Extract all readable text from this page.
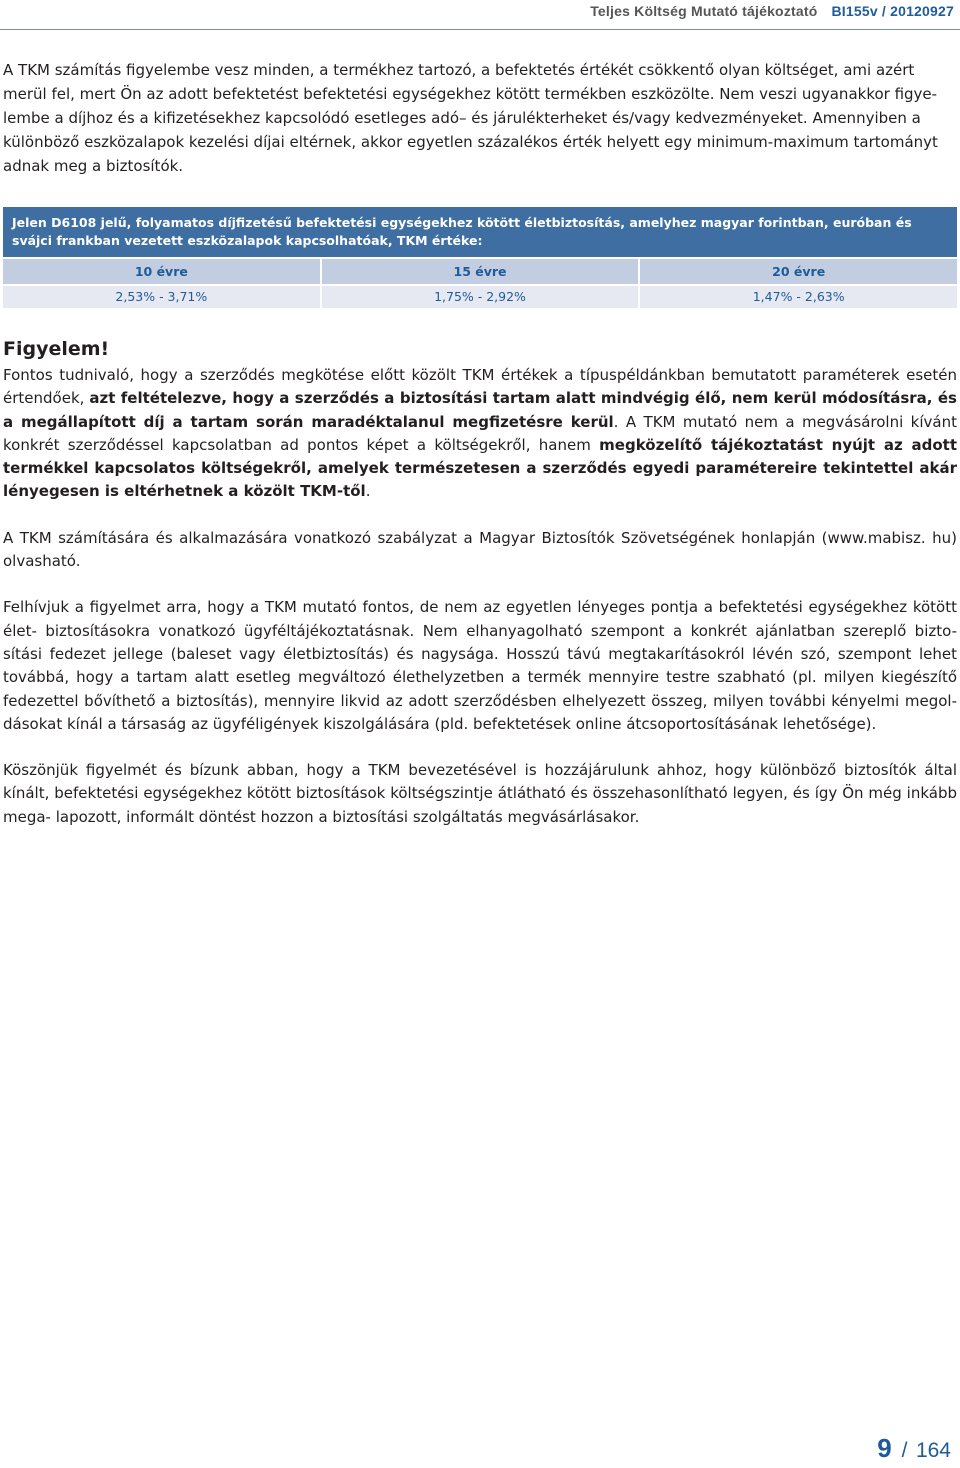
Teljes Költség Mutató tájékoztató BI155v / 20120927

A TKM számítás figyelembe vesz minden, a termékhez tartozó, a befektetés értékét csökkentő olyan költséget, ami azért

merül fel, mert Ön az adott befektetést befektetési egységekhez kötött termékben eszközölte. Nem veszi ugyanakkor figye-

lembe a díjhoz és a kifizetésekhez kapcsolódó esetleges adó– és járulékterheket és/vagy kedvezményeket. Amennyiben a

különböző eszközalapok kezelési díjai eltérnek, akkor egyetlen százalékos érték helyett egy minimum-maximum tartományt

adnak meg a biztosítók.

Jelen D6108 jelű, folyamatos díjfizetésű befektetési egységekhez kötött életbiztosítás, amelyhez magyar forintban, euróban és svájci frankban vezetett eszközalapok kapcsolhatóak, TKM értéke:
10 évre	15 évre	20 évre
2,53% - 3,71%	1,75% - 2,92%	1,47% - 2,63%
Figyelem!

Fontos tudnivaló, hogy a szerződés megkötése előtt közölt TKM értékek a típuspéldánkban bemutatott paraméterek esetén értendőek, azt feltételezve, hogy a szerződés a biztosítási tartam alatt mindvégig élő, nem kerül módosításra, és a megállapított díj a tartam során maradéktalanul megfizetésre kerül. A TKM mutató nem a megvásárolni kívánt konkrét szerződéssel kapcsolatban ad pontos képet a költségekről, hanem megközelítő tájékoztatást nyújt az adott termékkel kapcsolatos költségekről, amelyek természetesen a szerződés egyedi paramétereire tekintettel akár lényegesen is eltérhetnek a közölt TKM-től.

A TKM számítására és alkalmazására vonatkozó szabályzat a Magyar Biztosítók Szövetségének honlapján (www.mabisz. hu) olvasható.

Felhívjuk a figyelmet arra, hogy a TKM mutató fontos, de nem az egyetlen lényeges pontja a befektetési egységekhez kötött élet- biztosításokra vonatkozó ügyféltájékoztatásnak. Nem elhanyagolható szempont a konkrét ajánlatban szereplő bizto- sítási fedezet jellege (baleset vagy életbiztosítás) és nagysága. Hosszú távú megtakarításokról lévén szó, szempont lehet továbbá, hogy a tartam alatt esetleg megváltozó élethelyzetben a termék mennyire testre szabható (pl. milyen kiegészítő fedezettel bővíthető a biztosítás), mennyire likvid az adott szerződésben elhelyezett összeg, milyen további kényelmi megol- dásokat kínál a társaság az ügyféligények kiszolgálására (pld. befektetések online átcsoportosításának lehetősége).

Köszönjük figyelmét és bízunk abban, hogy a TKM bevezetésével is hozzájárulunk ahhoz, hogy különböző biztosítók által kínált, befektetési egységekhez kötött biztosítások költségszintje átlátható és összehasonlítható legyen, és így Ön még inkább mega- lapozott, informált döntést hozzon a biztosítási szolgáltatás megvásárlásakor.

9 / 164
